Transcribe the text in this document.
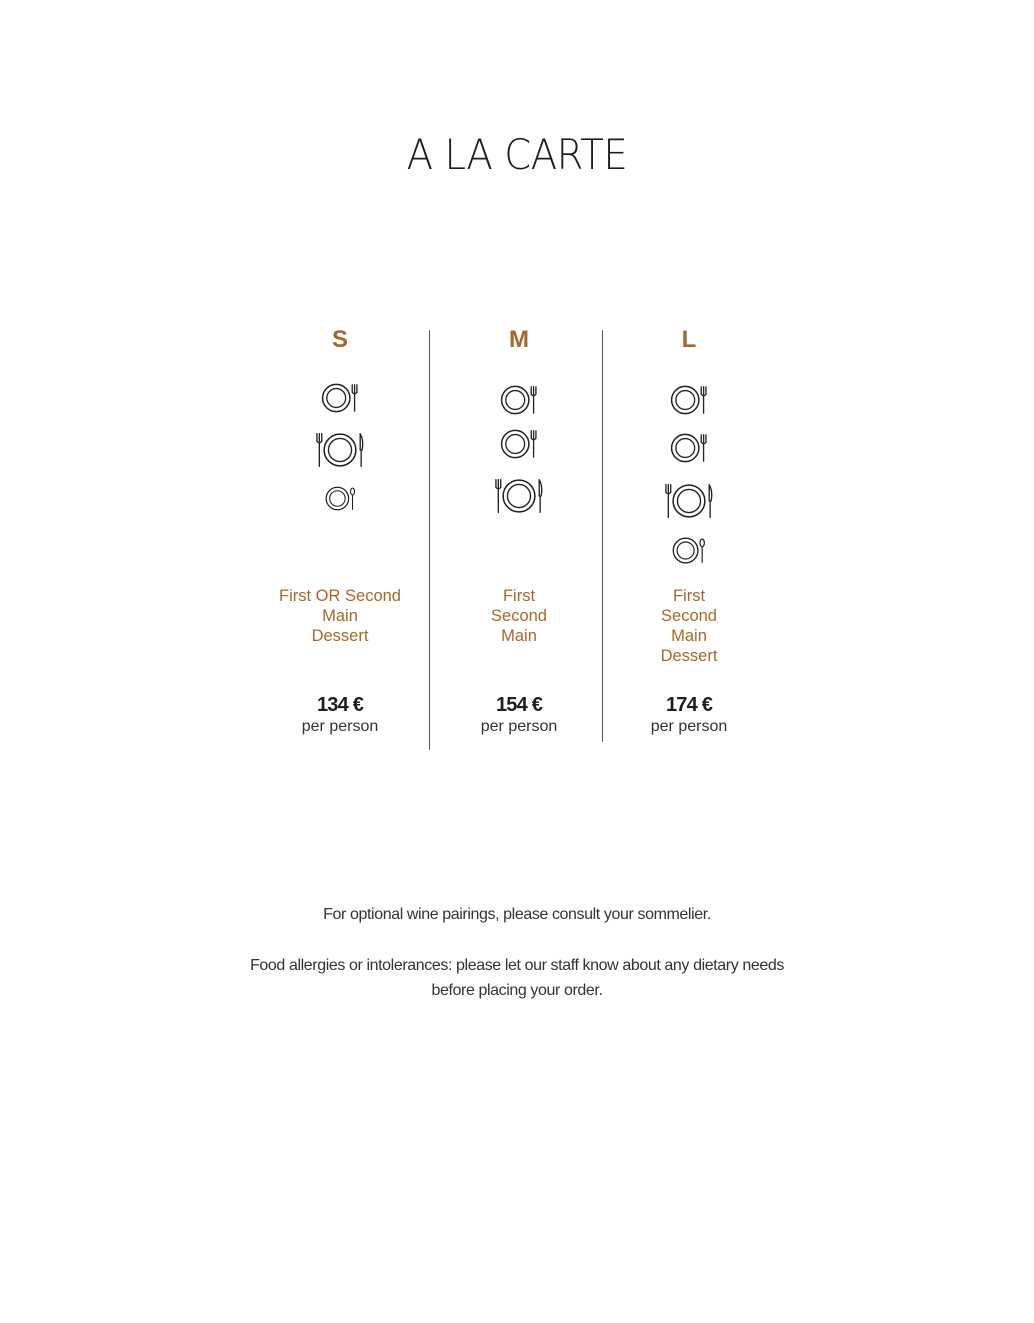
A LA CARTE
S
First OR Second
Main
Dessert
134 €
per person
M
First
Second
Main
154 €
per person
L
First
Second
Main
Dessert
174 €
per person
For optional wine pairings, please consult your sommelier.
Food allergies or intolerances: please let our staff know about any dietary needs
before placing your order.
